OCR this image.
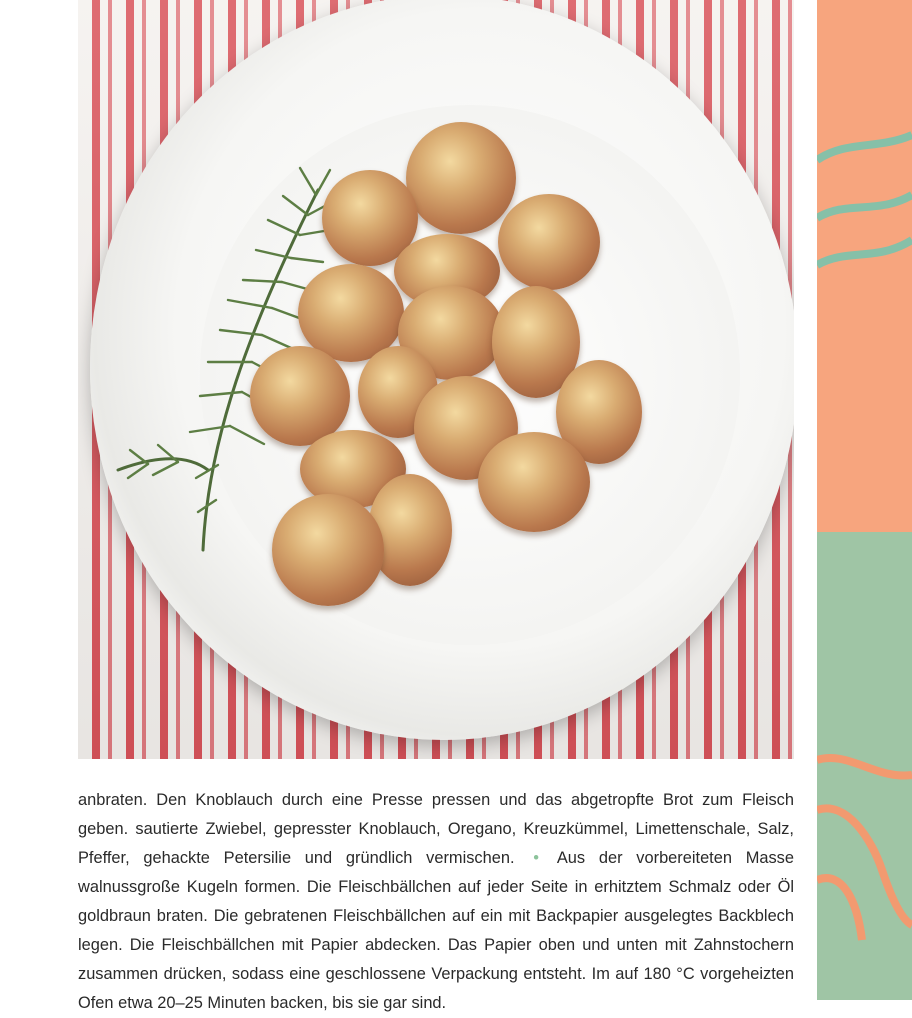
anbraten. Den Knoblauch durch eine Presse pressen und das abgetropfte Brot zum Fleisch geben. sautierte Zwiebel, gepresster Knoblauch, Oregano, Kreuzkümmel, Limettenschale, Salz, Pfeffer, gehackte Petersilie und gründlich vermischen. • Aus der vorbereiteten Masse walnussgroße Kugeln formen. Die Fleischbällchen auf jeder Seite in erhitztem Schmalz oder Öl goldbraun braten. Die gebratenen Fleischbällchen auf ein mit Backpapier ausgelegtes Backblech legen. Die Fleischbällchen mit Papier abdecken. Das Papier oben und unten mit Zahnstochern zusammen drücken, sodass eine geschlossene Verpackung entsteht. Im auf 180 °C vorgeheizten Ofen etwa 20–25 Minuten backen, bis sie gar sind.
